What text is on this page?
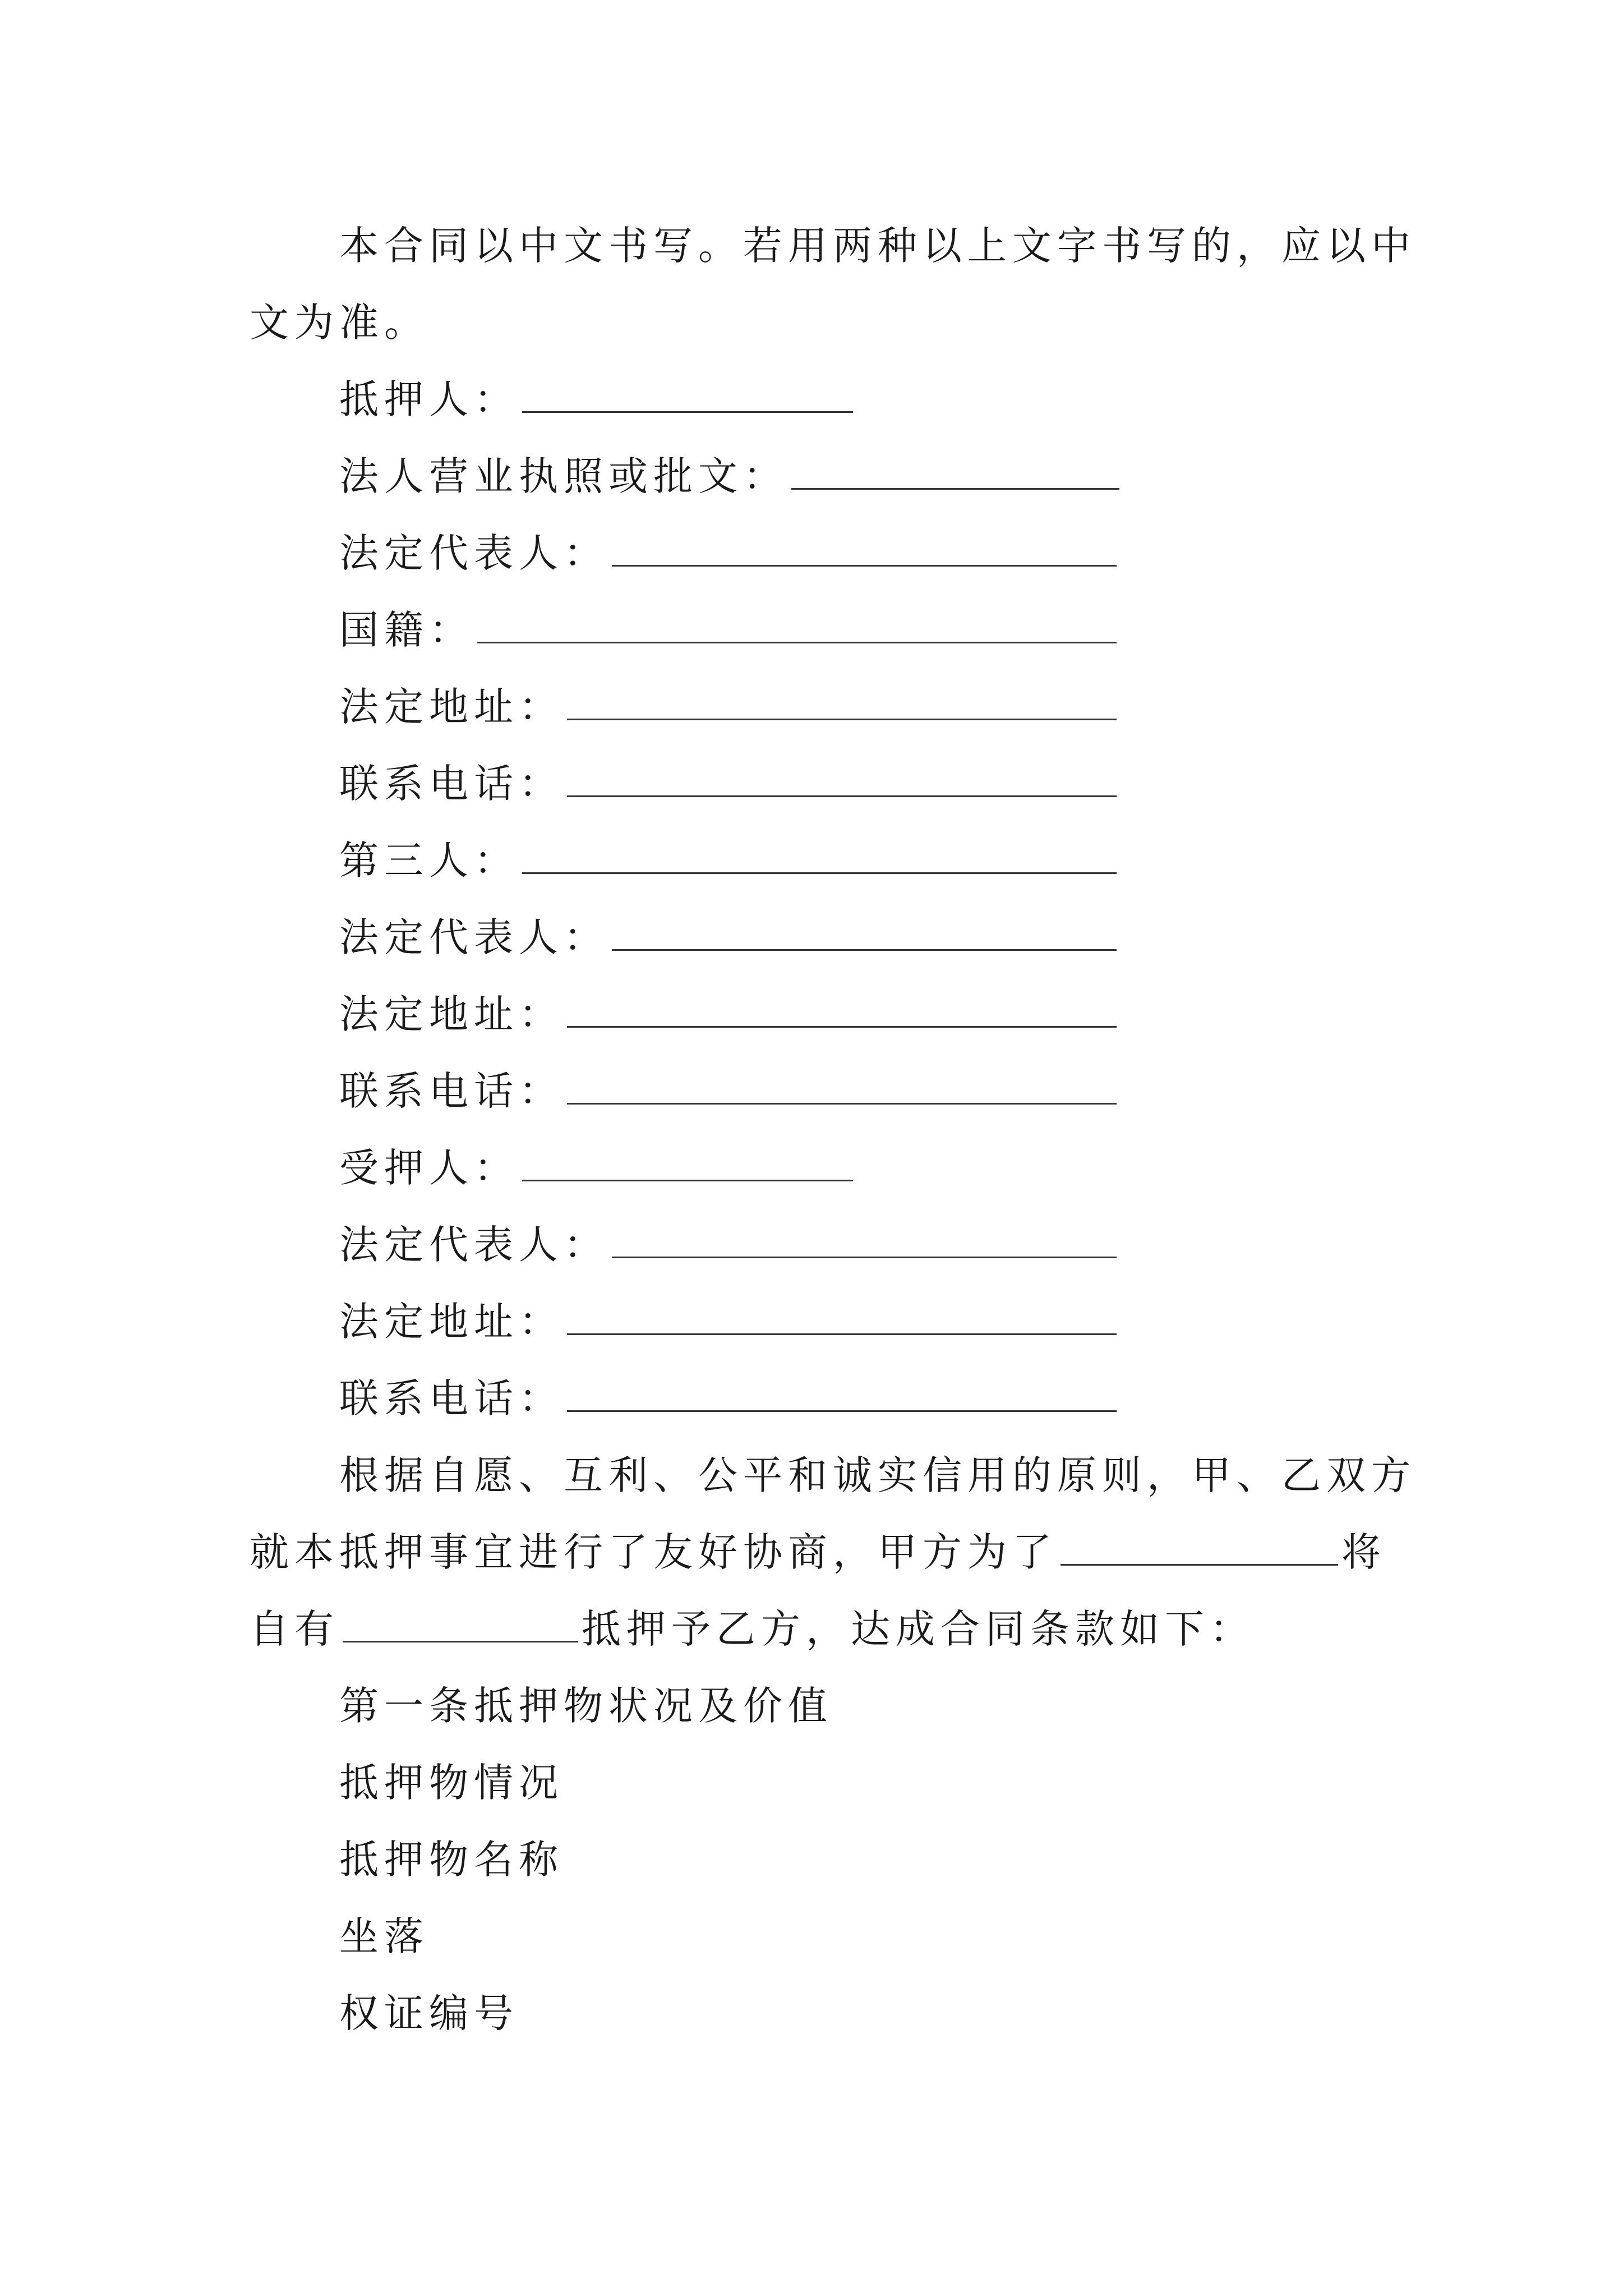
本合同以中文书写。若用两种以上文字书写的，应以中
文为准。
抵押人：
法人营业执照或批文：
法定代表人：
国籍：
法定地址：
联系电话：
第三人：
法定代表人：
法定地址：
联系电话：
受押人：
法定代表人：
法定地址：
联系电话：
根据自愿、互利、公平和诚实信用的原则，甲、乙双方
就本抵押事宜进行了友好协商，甲方为了	将
自有	抵押予乙方，达成合同条款如下：
第一条抵押物状况及价值
抵押物情况
抵押物名称
坐落
权证编号
